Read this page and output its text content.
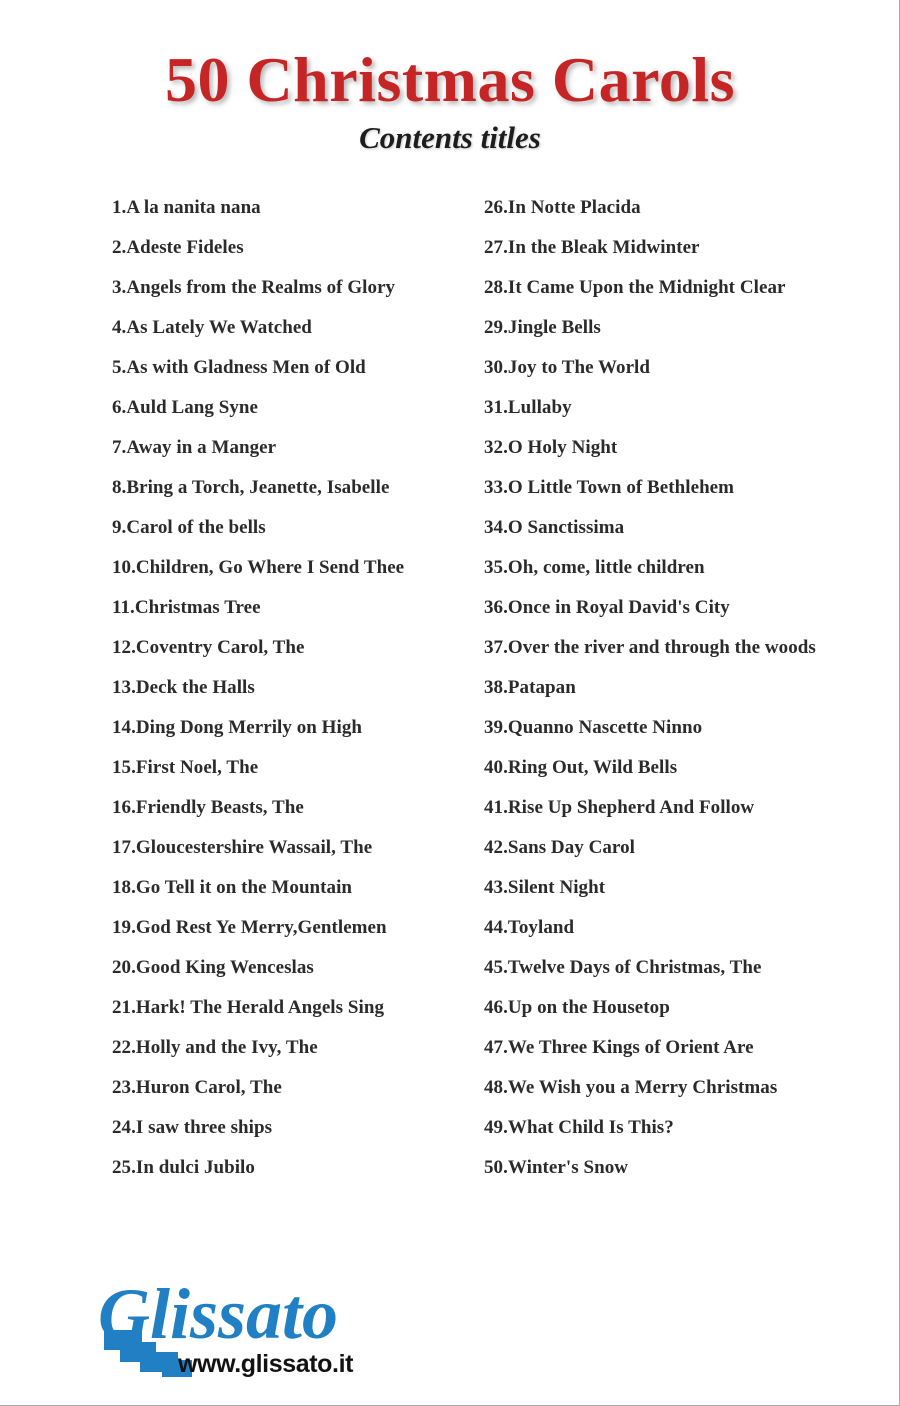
50 Christmas Carols
Contents titles
1.A la nanita nana
2.Adeste Fideles
3.Angels from the Realms of Glory
4.As Lately We Watched
5.As with Gladness Men of Old
6.Auld Lang Syne
7.Away in a Manger
8.Bring a Torch, Jeanette, Isabelle
9.Carol of the bells
10.Children, Go Where I Send Thee
11.Christmas Tree
12.Coventry Carol, The
13.Deck the Halls
14.Ding Dong Merrily on High
15.First Noel, The
16.Friendly Beasts, The
17.Gloucestershire Wassail, The
18.Go Tell it on the Mountain
19.God Rest Ye Merry,Gentlemen
20.Good King Wenceslas
21.Hark! The Herald Angels Sing
22.Holly and the Ivy, The
23.Huron Carol, The
24.I saw three ships
25.In dulci Jubilo
26.In Notte Placida
27.In the Bleak Midwinter
28.It Came Upon the Midnight Clear
29.Jingle Bells
30.Joy to The World
31.Lullaby
32.O Holy Night
33.O Little Town of Bethlehem
34.O Sanctissima
35.Oh, come, little children
36.Once in Royal David's City
37.Over the river and through the woods
38.Patapan
39.Quanno Nascette Ninno
40.Ring Out, Wild Bells
41.Rise Up Shepherd And Follow
42.Sans Day Carol
43.Silent Night
44.Toyland
45.Twelve Days of Christmas, The
46.Up on the Housetop
47.We Three Kings of Orient Are
48.We Wish you a Merry Christmas
49.What Child Is This?
50.Winter's Snow
Glissato
www.glissato.it
